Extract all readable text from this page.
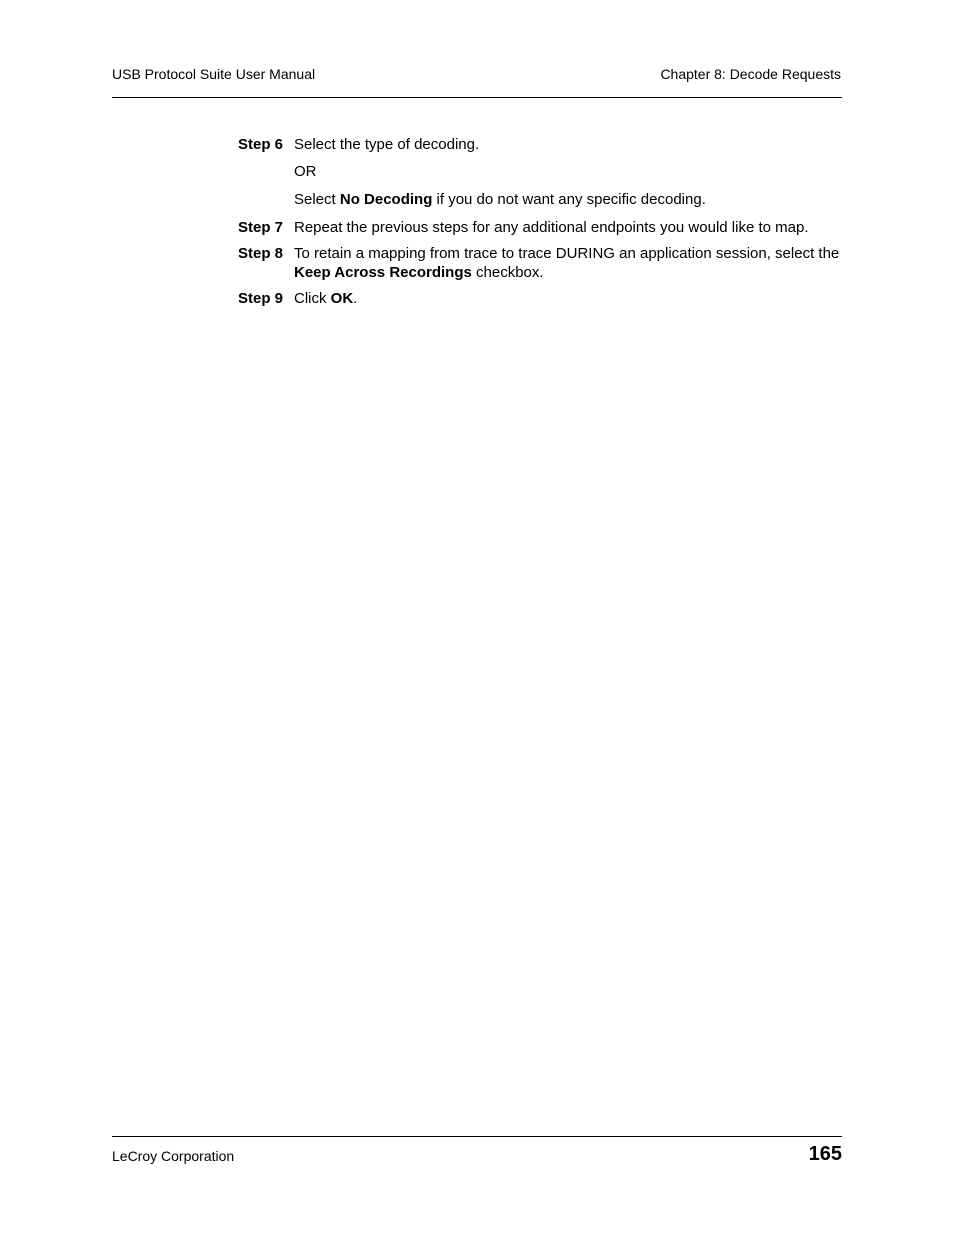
USB Protocol Suite User Manual	Chapter 8: Decode Requests
Step 6 Select the type of decoding.
OR
Select No Decoding if you do not want any specific decoding.
Step 7 Repeat the previous steps for any additional endpoints you would like to map.
Step 8 To retain a mapping from trace to trace DURING an application session, select the Keep Across Recordings checkbox.
Step 9 Click OK.
LeCroy Corporation	165
